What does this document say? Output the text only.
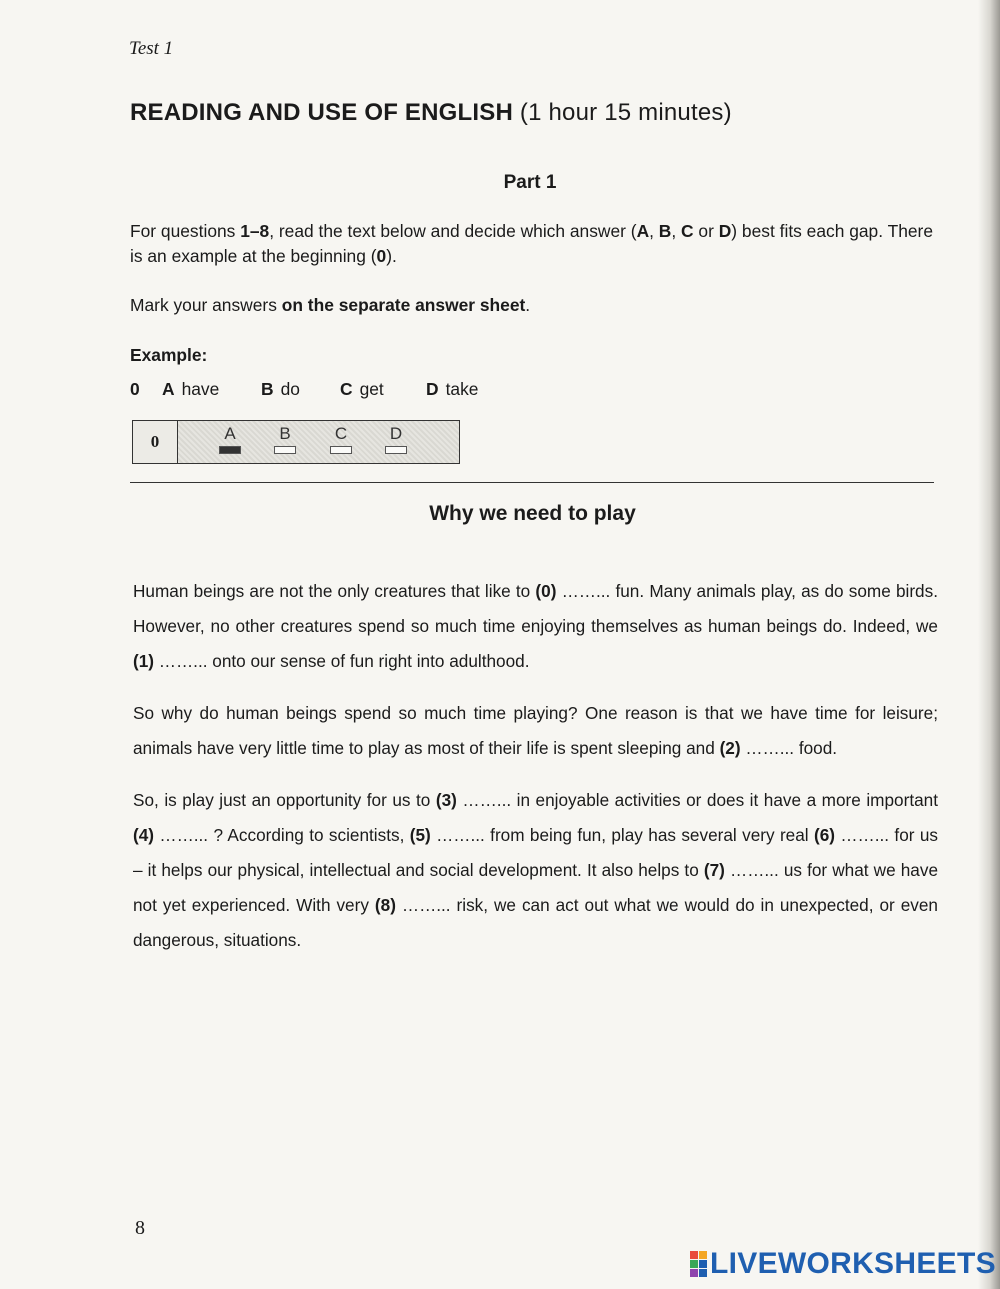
Test 1
READING AND USE OF ENGLISH (1 hour 15 minutes)
Part 1
For questions 1–8, read the text below and decide which answer (A, B, C or D) best fits each gap. There is an example at the beginning (0).
Mark your answers on the separate answer sheet.
Example:
0	A have	B do	C get	D take
0	A	B	C	D
Why we need to play

Human beings are not the only creatures that like to (0) ……... fun. Many animals play, as do some birds. However, no other creatures spend so much time enjoying themselves as human beings do. Indeed, we (1) ……... onto our sense of fun right into adulthood.

So why do human beings spend so much time playing? One reason is that we have time for leisure; animals have very little time to play as most of their life is spent sleeping and (2) ……... food.

So, is play just an opportunity for us to (3) ……... in enjoyable activities or does it have a more important (4) ……... ? According to scientists, (5) ……... from being fun, play has several very real (6) ……... for us – it helps our physical, intellectual and social development. It also helps to (7) ……... us for what we have not yet experienced. With very (8) ……... risk, we can act out what we would do in unexpected, or even dangerous, situations.

8
LIVEWORKSHEETS
